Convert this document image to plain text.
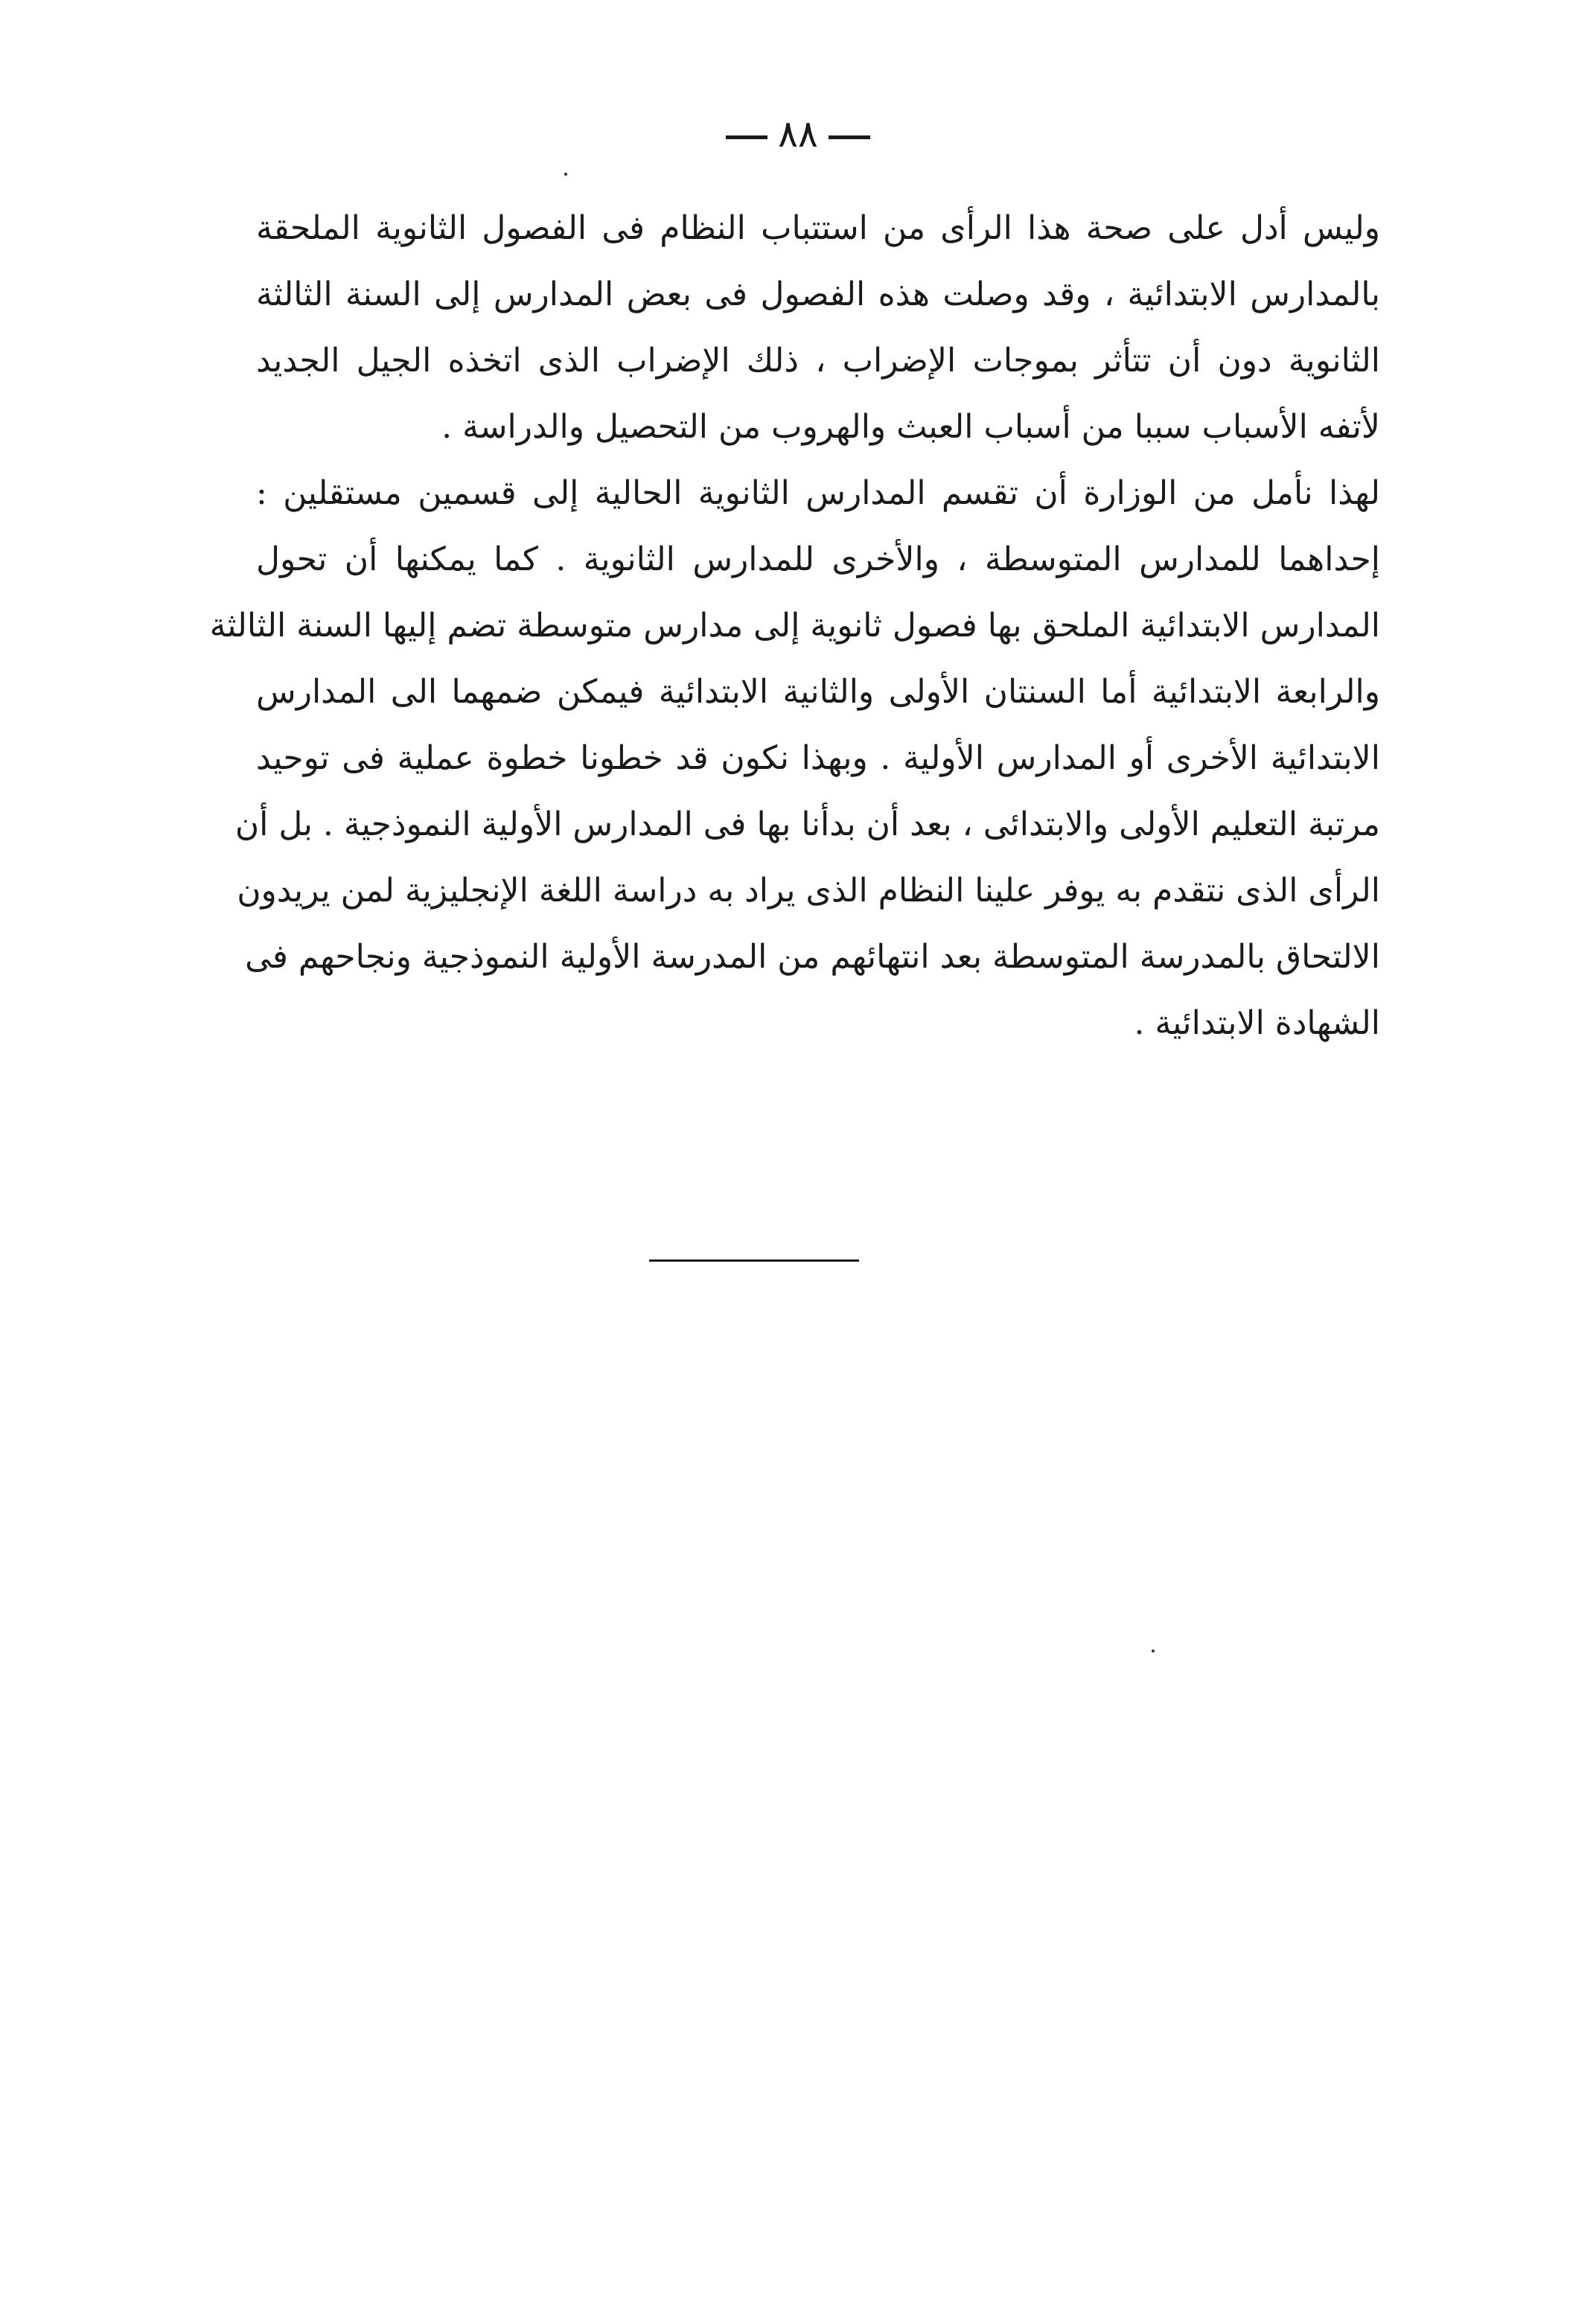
٨٨

وليس أدل على صحة هذا الرأى من استتباب النظام فى الفصول الثانوية الملحقة
بالمدارس الابتدائية ، وقد وصلت هذه الفصول فى بعض المدارس إلى السنة الثالثة
الثانوية دون أن تتأثر بموجات الإضراب ، ذلك الإضراب الذى اتخذه الجيل الجديد
لأتفه الأسباب سببا من أسباب العبث والهروب من التحصيل والدراسة .

لهذا نأمل من الوزارة أن تقسم المدارس الثانوية الحالية إلى قسمين مستقلين :
إحداهما للمدارس المتوسطة ، والأخرى للمدارس الثانوية . كما يمكنها أن تحول
المدارس الابتدائية الملحق بها فصول ثانوية إلى مدارس متوسطة تضم إليها السنة الثالثة
والرابعة الابتدائية أما السنتان الأولى والثانية الابتدائية فيمكن ضمهما الى المدارس
الابتدائية الأخرى أو المدارس الأولية . وبهذا نكون قد خطونا خطوة عملية فى توحيد
مرتبة التعليم الأولى والابتدائى ، بعد أن بدأنا بها فى المدارس الأولية النموذجية . بل أن
الرأى الذى نتقدم به يوفر علينا النظام الذى يراد به دراسة اللغة الإنجليزية لمن يريدون
الالتحاق بالمدرسة المتوسطة بعد انتهائهم من المدرسة الأولية النموذجية ونجاحهم فى
الشهادة الابتدائية .
